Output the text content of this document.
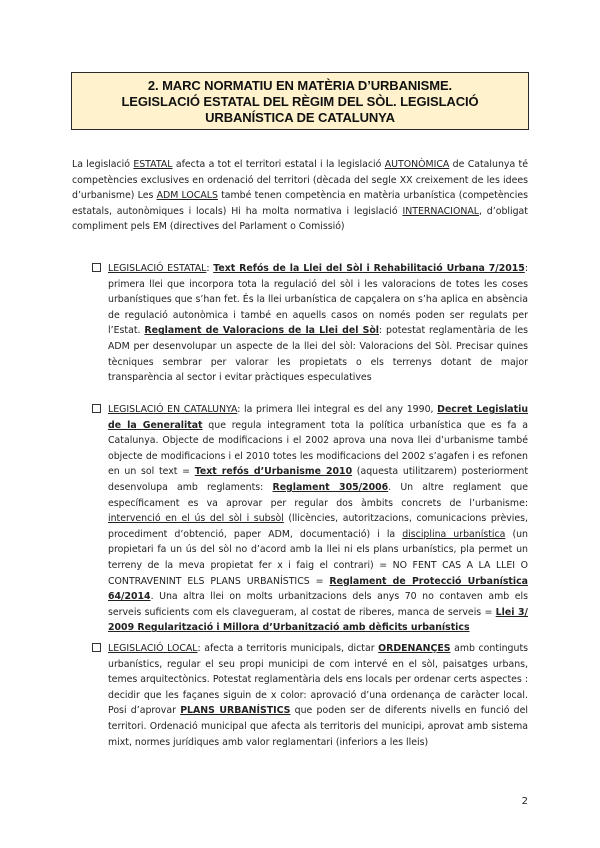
2. MARC NORMATIU EN MATÈRIA D’URBANISME.
LEGISLACIÓ ESTATAL DEL RÈGIM DEL SÒL. LEGISLACIÓ
URBANÍSTICA DE CATALUNYA
La legislació ESTATAL afecta a tot el territori estatal i la legislació AUTONÒMICA de Catalunya té competències exclusives en ordenació del territori (dècada del segle XX creixement de les idees d’urbanisme) Les ADM LOCALS també tenen competència en matèria urbanística (competències estatals, autonòmiques i locals) Hi ha molta normativa i legislació INTERNACIONAL, d’obligat compliment pels EM (directives del Parlament o Comissió)
LEGISLACIÓ ESTATAL: Text Refós de la Llei del Sòl i Rehabilitació Urbana 7/2015: primera llei que incorpora tota la regulació del sòl i les valoracions de totes les coses urbanístiques que s’han fet. És la llei urbanística de capçalera on s’ha aplica en absència de regulació autonòmica i també en aquells casos on només poden ser regulats per l’Estat. Reglament de Valoracions de la Llei del Sòl: potestat reglamentària de les ADM per desenvolupar un aspecte de la llei del sòl: Valoracions del Sòl. Precisar quines tècniques sembrar per valorar les propietats o els terrenys dotant de major transparència al sector i evitar pràctiques especulatives
LEGISLACIÓ EN CATALUNYA: la primera llei integral es del any 1990, Decret Legislatiu de la Generalitat que regula integrament tota la política urbanística que es fa a Catalunya. Objecte de modificacions i el 2002 aprova una nova llei d’urbanisme també objecte de modificacions i el 2010 totes les modificacions del 2002 s’agafen i es refonen en un sol text = Text refós d’Urbanisme 2010 (aquesta utilitzarem) posteriorment desenvolupa amb reglaments: Reglament 305/2006. Un altre reglament que específicament es va aprovar per regular dos àmbits concrets de l’urbanisme: intervenció en el ús del sòl i subsòl (llicències, autoritzacions, comunicacions prèvies, procediment d’obtenció, paper ADM, documentació) i la disciplina urbanística (un propietari fa un ús del sòl no d’acord amb la llei ni els plans urbanístics, pla permet un terreny de la meva propietat fer x i faig el contrari) = NO FENT CAS A LA LLEI O CONTRAVENINT ELS PLANS URBANÍSTICS = Reglament de Protecció Urbanística 64/2014. Una altra llei on molts urbanitzacions dels anys 70 no contaven amb els serveis suficients com els clavegueram, al costat de riberes, manca de serveis = Llei 3/ 2009 Regularització i Millora d’Urbanització amb dèficits urbanístics
LEGISLACIÓ LOCAL: afecta a territoris municipals, dictar ORDENANÇES amb continguts urbanístics, regular el seu propi municipi de com intervé en el sòl, paisatges urbans, temes arquitectònics. Potestat reglamentària dels ens locals per ordenar certs aspectes : decidir que les façanes siguin de x color: aprovació d’una ordenança de caràcter local. Posi d’aprovar PLANS URBANÍSTICS que poden ser de diferents nivells en funció del territori. Ordenació municipal que afecta als territoris del municipi, aprovat amb sistema mixt, normes jurídiques amb valor reglamentari (inferiors a les lleis)
2
